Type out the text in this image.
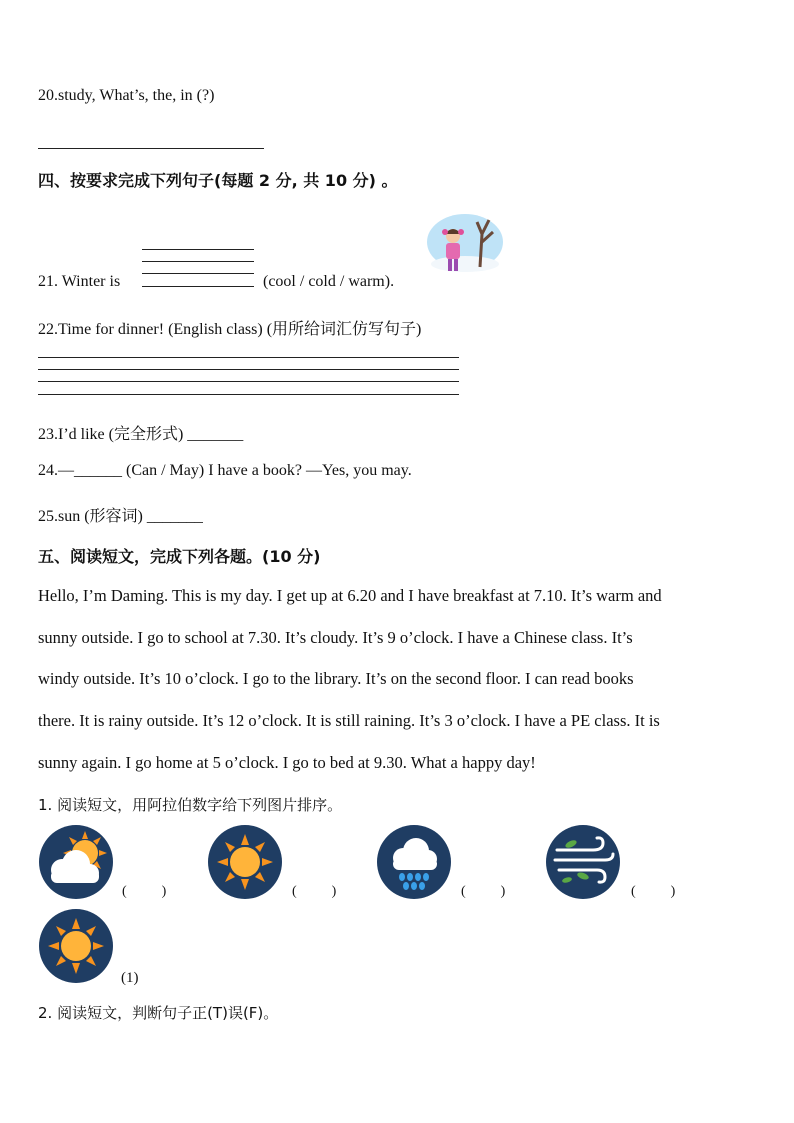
20.study, What’s, the, in (?)
四、按要求完成下列句子(每题 2 分, 共 10 分) 。
21. Winter is	(cool / cold / warm).
22.Time for dinner! (English class) (用所给词汇仿写句子)
23.I’d like (完全形式) _______
24.—______ (Can / May) I have a book? —Yes, you may.
25.sun (形容词) _______
五、阅读短文，完成下列各题。(10 分)
Hello, I’m Daming. This is my day. I get up at 6.20 and I have breakfast at 7.10. It’s warm and
sunny outside. I go to school at 7.30. It’s cloudy. It’s 9 o’clock. I have a Chinese class. It’s
windy outside. It’s 10 o’clock. I go to the library. It’s on the second floor. I can read books
there. It is rainy outside. It’s 12 o’clock. It is still raining. It’s 3 o’clock. I have a PE class. It is
sunny again. I go home at 5 o’clock. I go to bed at 9.30. What a happy day!
1. 阅读短文，用阿拉伯数字给下列图片排序。
(          )	(          )	(          )	(          )
(1)
2. 阅读短文，判断句子正(T)误(F)。
